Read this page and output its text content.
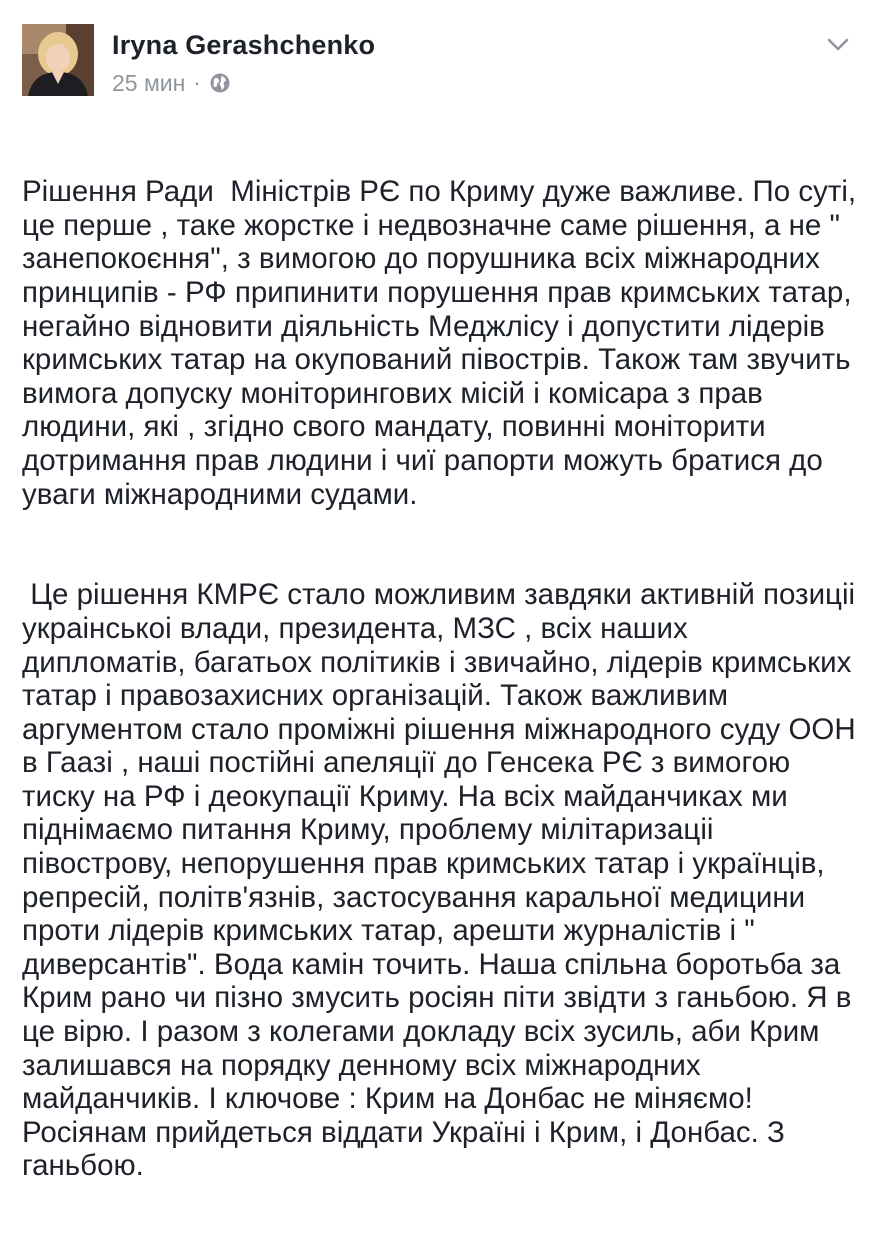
Iryna Gerashchenko
25 мин ·

Рішення Ради  Міністрів РЄ по Криму дуже важливе. По суті, це перше , таке жорстке і недвозначне саме рішення, а не " занепокоєння", з вимогою до порушника всіх міжнародних принципів - РФ припинити порушення прав кримських татар, негайно відновити діяльність Меджлісу і допустити лідерів кримських татар на окупований півострів. Також там звучить вимога допуску моніторингових місій і комісара з прав людини, які , згідно свого мандату, повинні моніторити дотримання прав людини і чиї рапорти можуть братися до уваги міжнародними судами.

Це рішення КМРЄ стало можливим завдяки активній позиціі украінськоі влади, президента, МЗС , всіх наших дипломатів, багатьох політиків і звичайно, лідерів кримських татар і правозахисних організацій. Також важливим аргументом стало проміжні рішення міжнародного суду ООН в Гаазі , наші постійні апеляції до Генсека РЄ з вимогою тиску на РФ і деокупації Криму. На всіх майданчиках ми піднімаємо питання Криму, проблему мілітаризаціі півострову, непорушення прав кримських татар і українців, репресій, політв'язнів, застосування каральної медицини проти лідерів кримських татар, арешти журналістів і " диверсантів". Вода камін точить. Наша спільна боротьба за Крим рано чи пізно змусить росіян піти звідти з ганьбою. Я в це вірю. І разом з колегами докладу всіх зусиль, аби Крим залишався на порядку денному всіх міжнародних майданчиків. І ключове : Крим на Донбас не міняємо! Росіянам прийдеться віддати Україні і Крим, і Донбас. З ганьбою.
